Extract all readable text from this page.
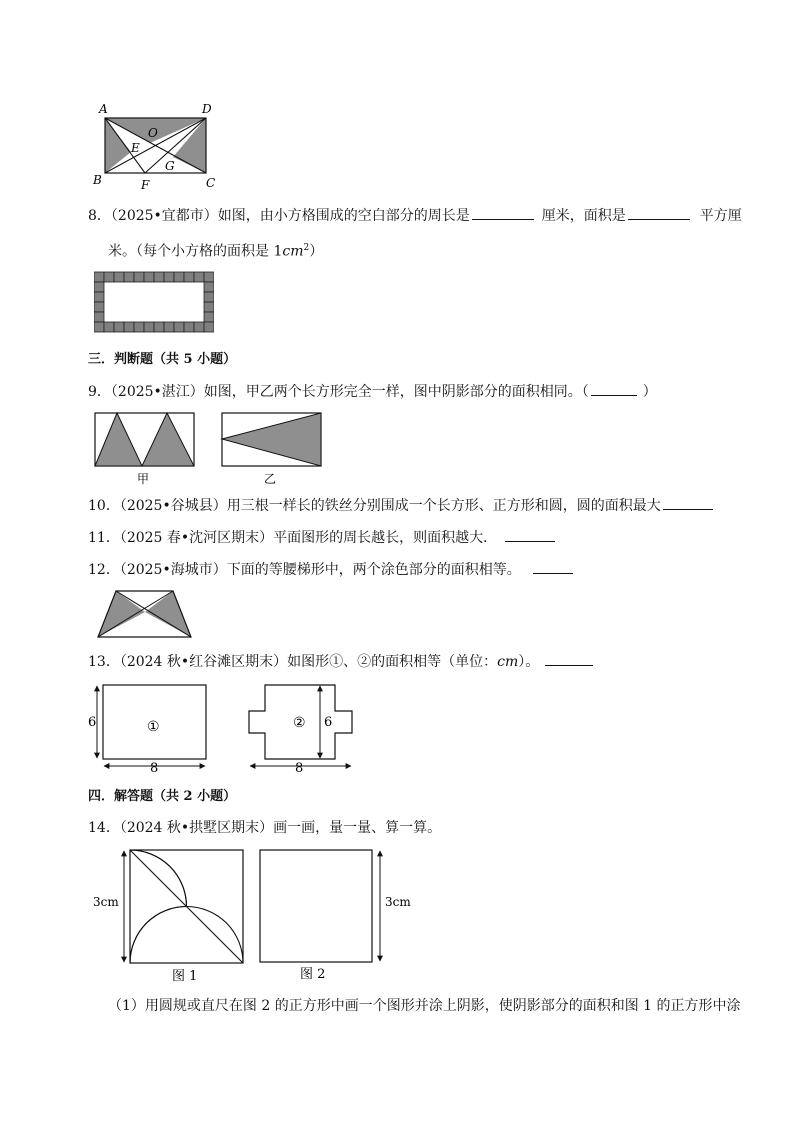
A	D
O
E
G
B	F	C
8．（2025•宜都市）如图，由小方格围成的空白部分的周长是	厘米，面积是	平方厘
米。（每个小方格的面积是 $1cm^2$）
三．判断题（共 5 小题）
9．（2025•湛江）如图，甲乙两个长方形完全一样，图中阴影部分的面积相同。（	）
甲	乙
10．（2025•谷城县）用三根一样长的铁丝分别围成一个长方形、正方形和圆，圆的面积最大
11．（2025 春•沈河区期末）平面图形的周长越长，则面积越大．
12．（2025•海城市）下面的等腰梯形中，两个涂色部分的面积相等。
13．（2024 秋•红谷滩区期末）如图形①、②的面积相等（单位：cm）。
6
8
①	② 6
8
四．解答题（共 2 小题）
14．（2024 秋•拱墅区期末）画一画，量一量、算一算。
3cm
图 1
3cm
图 2
（1）用圆规或直尺在图 2 的正方形中画一个图形并涂上阴影，使阴影部分的面积和图 1 的正方形中涂
